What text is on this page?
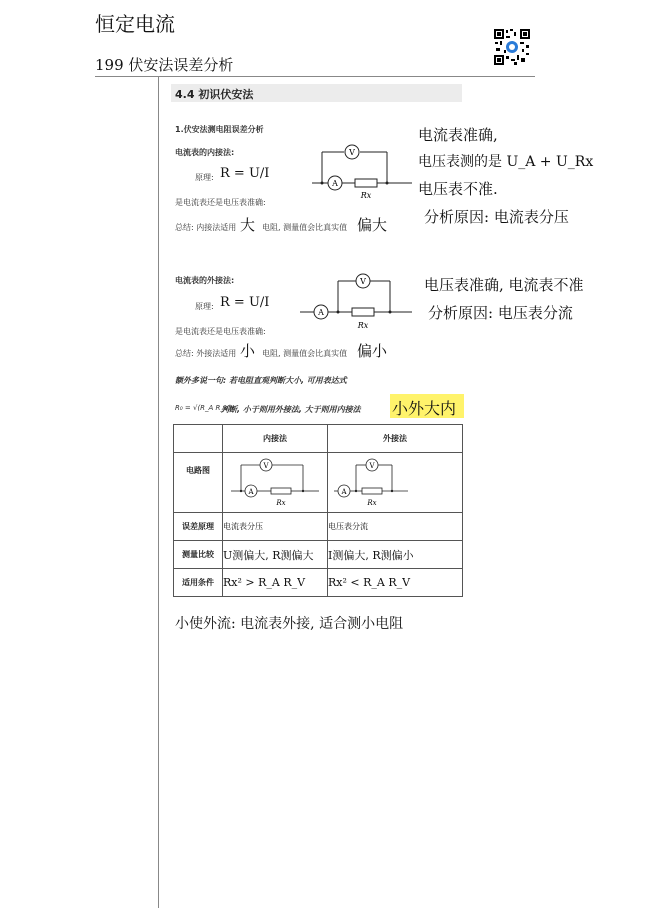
恒定电流
199 伏安法误差分析
4.4 初识伏安法
1.伏安法测电阻误差分析
电流表的内接法:
原理: R = U/I
是电流表还是电压表准确:
总结: 内接法适用 大 电阻, 测量值会比真实值 偏大
V
A
Rx
电流表准确,
电压表测的是 U_A + U_Rx
电压表不准.
分析原因: 电流表分压
电流表的外接法:
原理: R = U/I
是电流表还是电压表准确:
总结: 外接法适用 小 电阻, 测量值会比真实值 偏小
V
A
Rx
电压表准确, 电流表不准
分析原因: 电压表分流
额外多说一句: 若电阻直观判断大小, 可用表达式
R₀ = √(R_A R_V)
判断, 小于则用外接法, 大于则用内接法 小外大内
	内接法	外接法
电路图	V
A
Rx	V
A
Rx

误差原理	电流表分压	电压表分流
测量比较	U测偏大, R测偏大	I测偏大, R测偏小
适用条件	Rx² > R_A R_V	Rx² < R_A R_V
小使外流: 电流表外接, 适合测小电阻
